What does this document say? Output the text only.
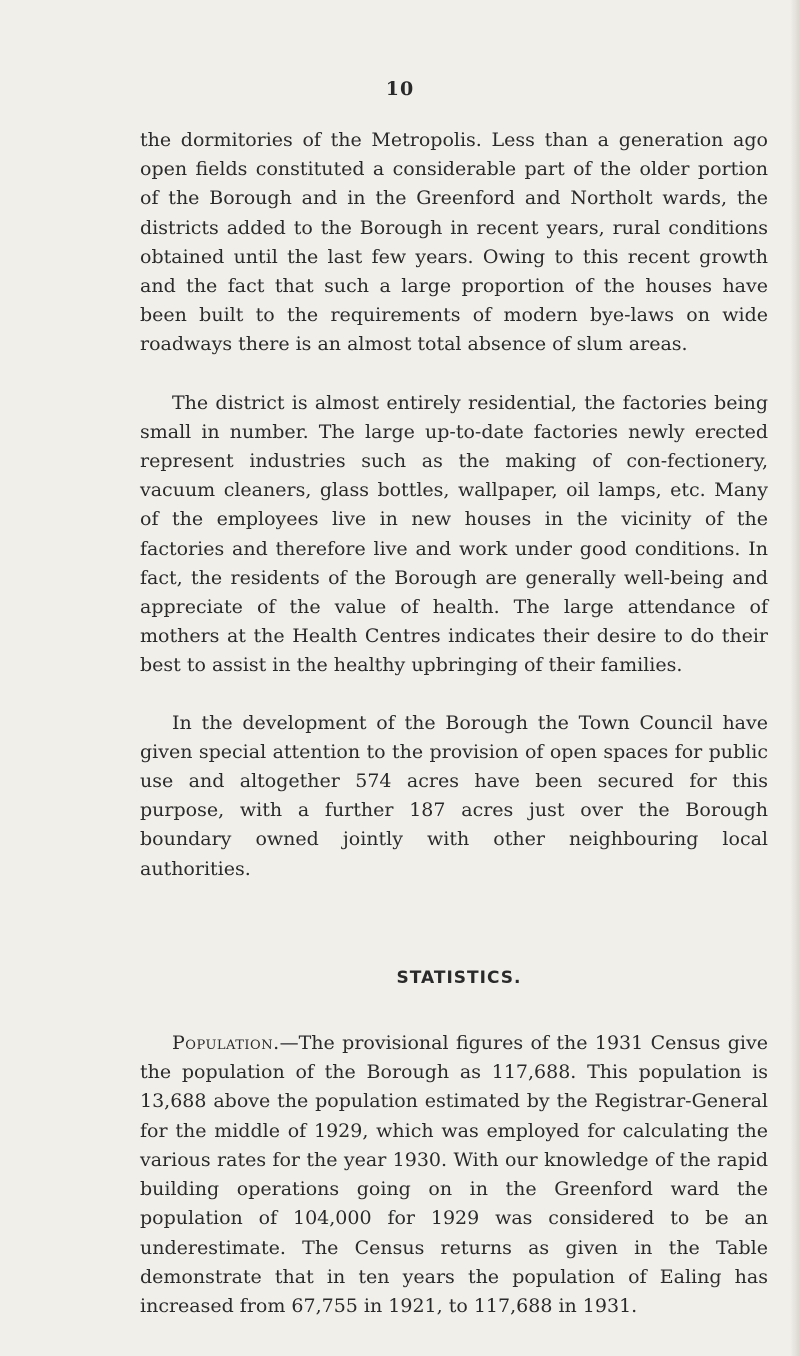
10

the dormitories of the Metropolis. Less than a generation ago open fields constituted a considerable part of the older portion of the Borough and in the Greenford and Northolt wards, the districts added to the Borough in recent years, rural conditions obtained until the last few years. Owing to this recent growth and the fact that such a large proportion of the houses have been built to the requirements of modern bye-laws on wide roadways there is an almost total absence of slum areas.

The district is almost entirely residential, the factories being small in number. The large up-to-date factories newly erected represent industries such as the making of con-fectionery, vacuum cleaners, glass bottles, wallpaper, oil lamps, etc. Many of the employees live in new houses in the vicinity of the factories and therefore live and work under good conditions. In fact, the residents of the Borough are generally well-being and appreciate of the value of health. The large attendance of mothers at the Health Centres indicates their desire to do their best to assist in the healthy upbringing of their families.

In the development of the Borough the Town Council have given special attention to the provision of open spaces for public use and altogether 574 acres have been secured for this purpose, with a further 187 acres just over the Borough boundary owned jointly with other neighbouring local authorities.

STATISTICS.

Population.—The provisional figures of the 1931 Census give the population of the Borough as 117,688. This population is 13,688 above the population estimated by the Registrar-General for the middle of 1929, which was employed for calculating the various rates for the year 1930. With our knowledge of the rapid building operations going on in the Greenford ward the population of 104,000 for 1929 was considered to be an underestimate. The Census returns as given in the Table demonstrate that in ten years the population of Ealing has increased from 67,755 in 1921, to 117,688 in 1931.
